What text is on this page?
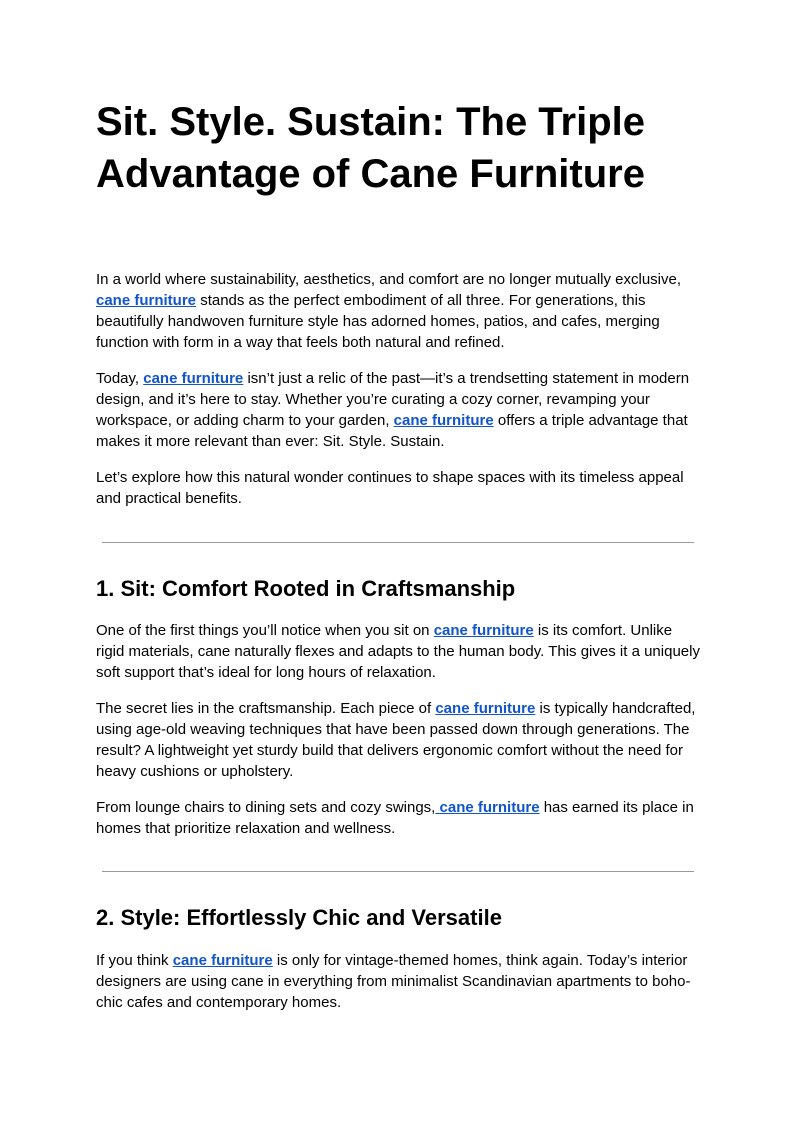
Sit. Style. Sustain: The Triple Advantage of Cane Furniture

In a world where sustainability, aesthetics, and comfort are no longer mutually exclusive, cane furniture stands as the perfect embodiment of all three. For generations, this beautifully handwoven furniture style has adorned homes, patios, and cafes, merging function with form in a way that feels both natural and refined.

Today, cane furniture isn’t just a relic of the past—it’s a trendsetting statement in modern design, and it’s here to stay. Whether you’re curating a cozy corner, revamping your workspace, or adding charm to your garden, cane furniture offers a triple advantage that makes it more relevant than ever: Sit. Style. Sustain.

Let’s explore how this natural wonder continues to shape spaces with its timeless appeal and practical benefits.

1. Sit: Comfort Rooted in Craftsmanship

One of the first things you’ll notice when you sit on cane furniture is its comfort. Unlike rigid materials, cane naturally flexes and adapts to the human body. This gives it a uniquely soft support that’s ideal for long hours of relaxation.

The secret lies in the craftsmanship. Each piece of cane furniture is typically handcrafted, using age-old weaving techniques that have been passed down through generations. The result? A lightweight yet sturdy build that delivers ergonomic comfort without the need for heavy cushions or upholstery.

From lounge chairs to dining sets and cozy swings, cane furniture has earned its place in homes that prioritize relaxation and wellness.

2. Style: Effortlessly Chic and Versatile

If you think cane furniture is only for vintage-themed homes, think again. Today’s interior designers are using cane in everything from minimalist Scandinavian apartments to boho-chic cafes and contemporary homes.
